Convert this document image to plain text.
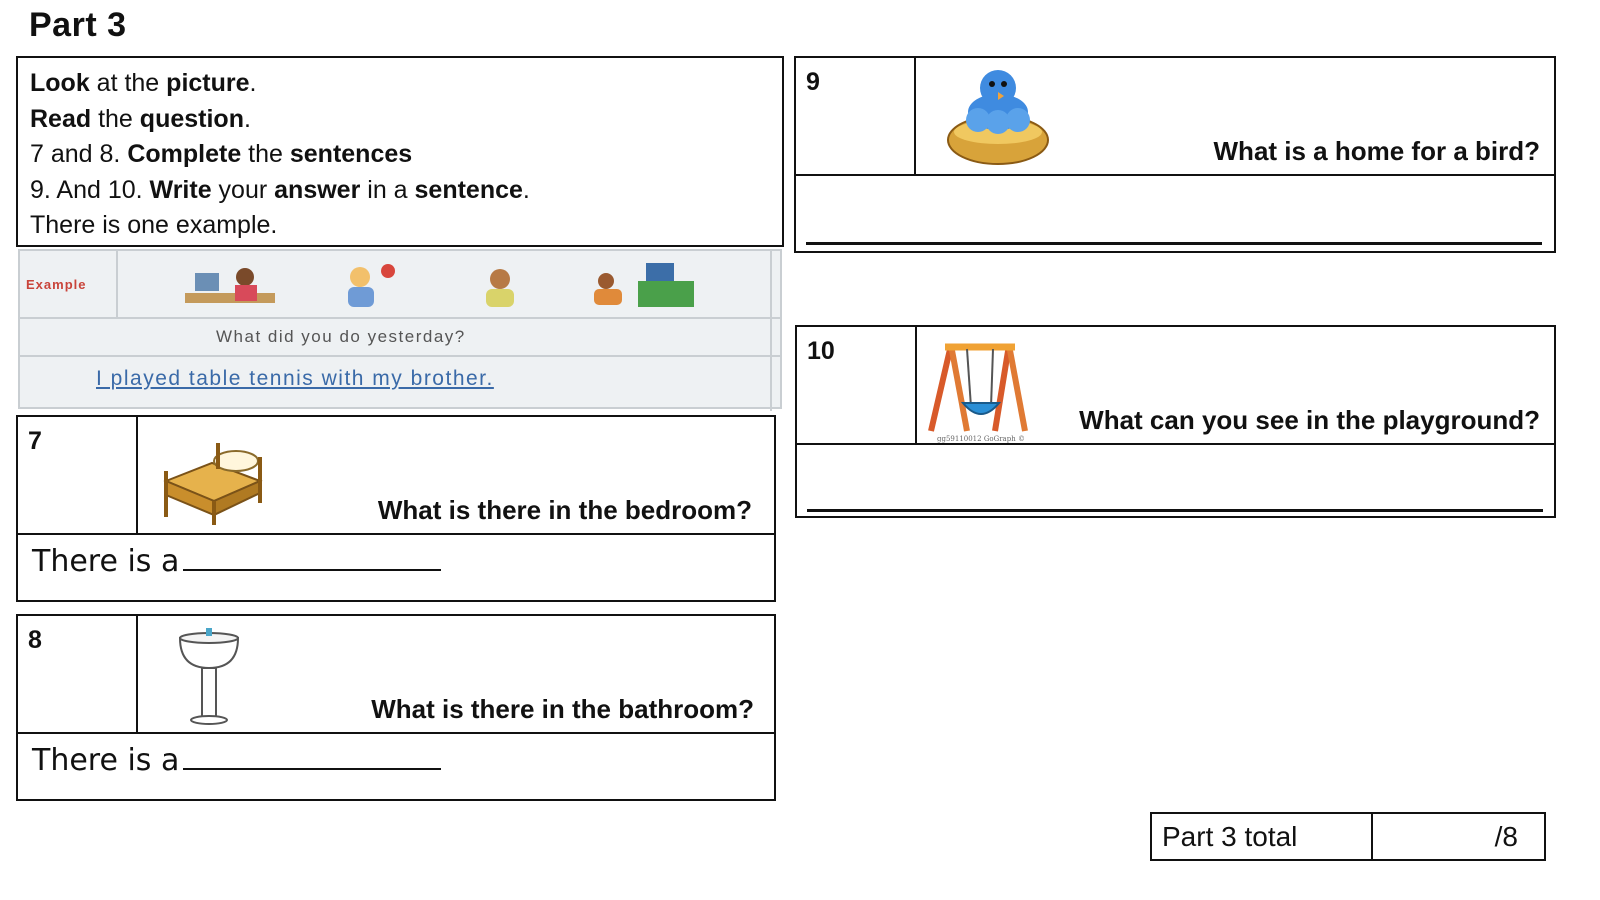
Part 3
Look at the picture.
Read the question.
7 and 8. Complete the sentences
9. And 10. Write your answer in a sentence.
There is one example.
Example
What did you do yesterday?
I played table tennis with my brother.
7
What is there in the bedroom?
There is a
8
What is there in the bathroom?
There is a
9
What is a home for a bird?
10
gg59110012 GoGraph ©
What can you see in the playground?
Part 3 total	/8
